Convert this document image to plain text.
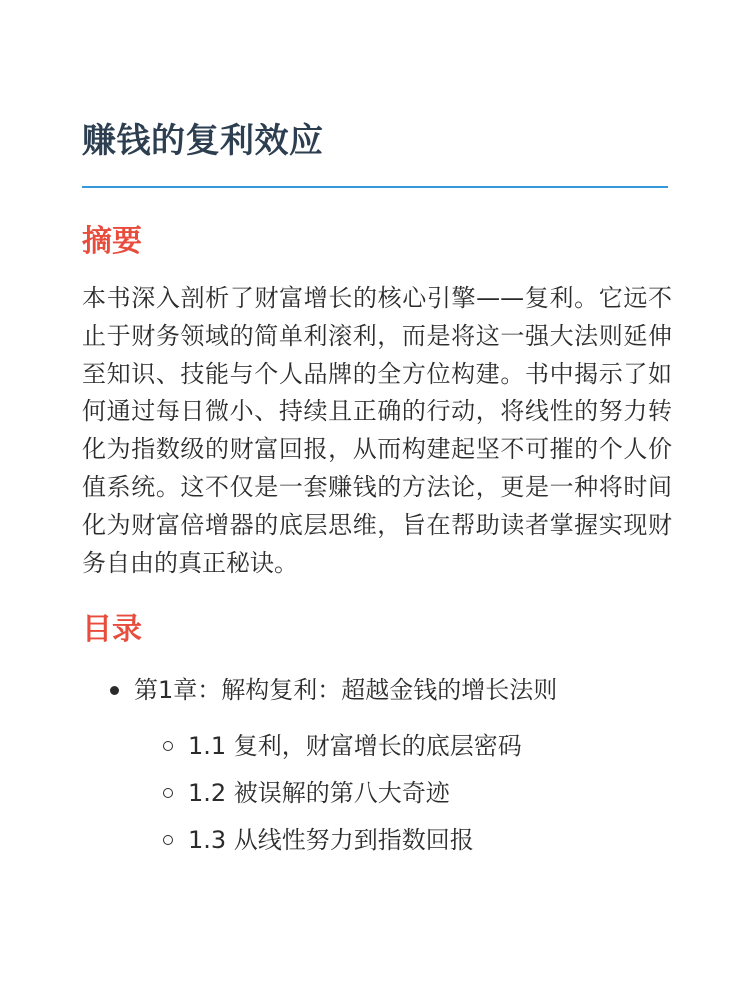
赚钱的复利效应
摘要

本书深入剖析了财富增长的核心引擎——复利。它远不止于财务领域的简单利滚利，而是将这一强大法则延伸至知识、技能与个人品牌的全方位构建。书中揭示了如何通过每日微小、持续且正确的行动，将线性的努力转化为指数级的财富回报，从而构建起坚不可摧的个人价值系统。这不仅是一套赚钱的方法论，更是一种将时间化为财富倍增器的底层思维，旨在帮助读者掌握实现财务自由的真正秘诀。

目录
第1章：解构复利：超越金钱的增长法则
1.1 复利，财富增长的底层密码
1.2 被误解的第八大奇迹
1.3 从线性努力到指数回报
